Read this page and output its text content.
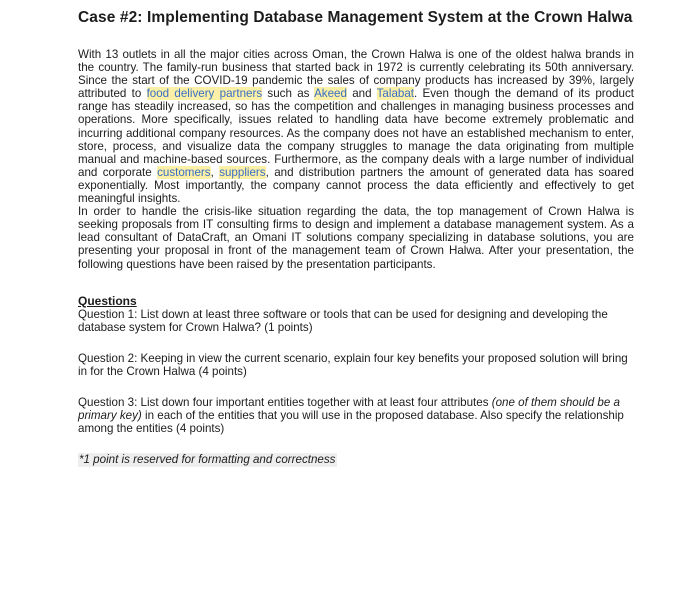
Case #2: Implementing Database Management System at the Crown Halwa

With 13 outlets in all the major cities across Oman, the Crown Halwa is one of the oldest halwa brands in the country. The family-run business that started back in 1972 is currently celebrating its 50th anniversary. Since the start of the COVID-19 pandemic the sales of company products has increased by 39%, largely attributed to food delivery partners such as Akeed and Talabat. Even though the demand of its product range has steadily increased, so has the competition and challenges in managing business processes and operations. More specifically, issues related to handling data have become extremely problematic and incurring additional company resources. As the company does not have an established mechanism to enter, store, process, and visualize data the company struggles to manage the data originating from multiple manual and machine-based sources. Furthermore, as the company deals with a large number of individual and corporate customers, suppliers, and distribution partners the amount of generated data has soared exponentially. Most importantly, the company cannot process the data efficiently and effectively to get meaningful insights.

In order to handle the crisis-like situation regarding the data, the top management of Crown Halwa is seeking proposals from IT consulting firms to design and implement a database management system. As a lead consultant of DataCraft, an Omani IT solutions company specializing in database solutions, you are presenting your proposal in front of the management team of Crown Halwa. After your presentation, the following questions have been raised by the presentation participants.

Questions

Question 1: List down at least three software or tools that can be used for designing and developing the database system for Crown Halwa? (1 points)

Question 2: Keeping in view the current scenario, explain four key benefits your proposed solution will bring in for the Crown Halwa (4 points)

Question 3: List down four important entities together with at least four attributes (one of them should be a primary key) in each of the entities that you will use in the proposed database. Also specify the relationship among the entities (4 points)

*1 point is reserved for formatting and correctness
